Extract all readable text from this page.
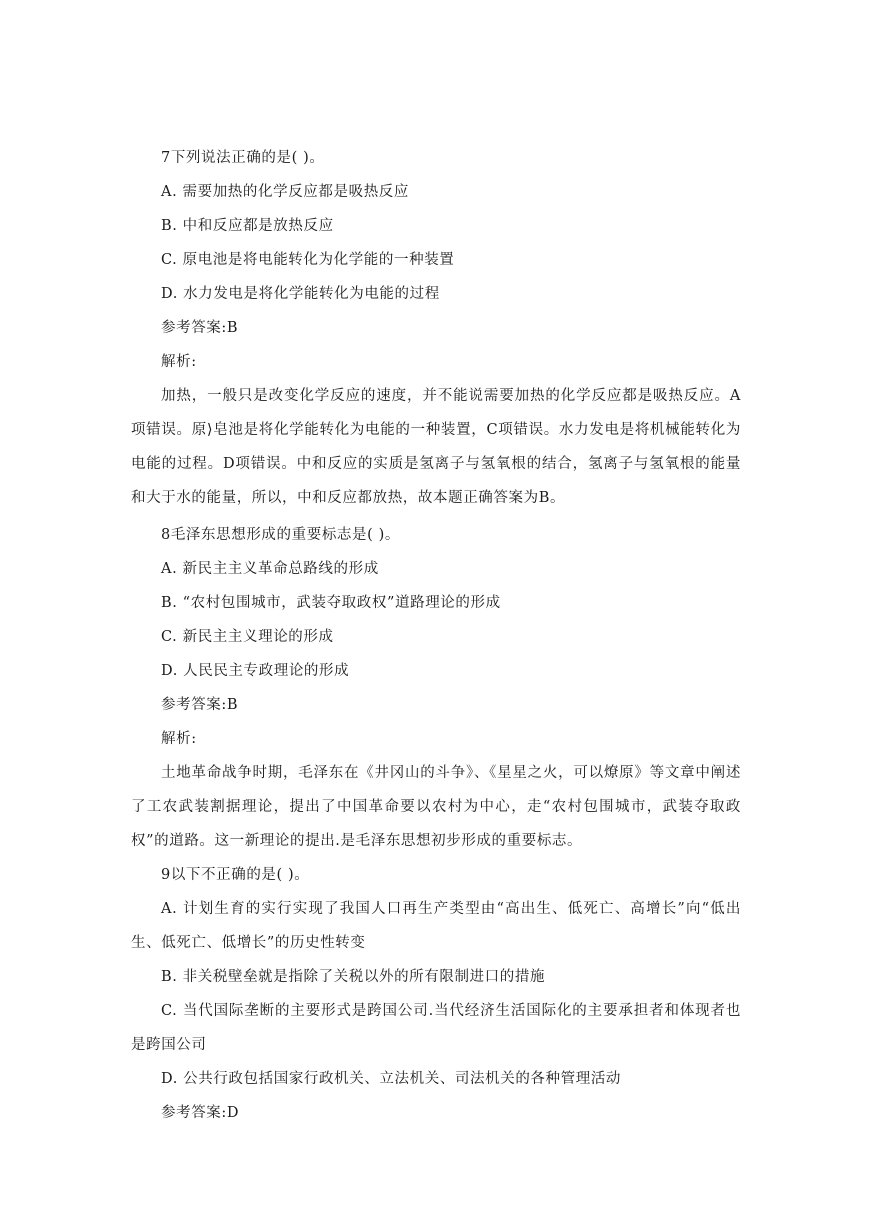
7下列说法正确的是( )。
A. 需要加热的化学反应都是吸热反应
B. 中和反应都是放热反应
C. 原电池是将电能转化为化学能的一种装置
D. 水力发电是将化学能转化为电能的过程
参考答案:B
解析:
加热，一般只是改变化学反应的速度，并不能说需要加热的化学反应都是吸热反应。A项错误。原⟩皂池是将化学能转化为电能的一种装置，C项错误。水力发电是将机械能转化为电能的过程。D项错误。中和反应的实质是氢离子与氢氧根的结合，氢离子与氢氧根的能量和大于水的能量，所以，中和反应都放热，故本题正确答案为B。
8毛泽东思想形成的重要标志是( )。
A. 新民主主义革命总路线的形成
B. “农村包围城市，武装夺取政权”道路理论的形成
C. 新民主主义理论的形成
D. 人民民主专政理论的形成
参考答案:B
解析:
土地革命战争时期，毛泽东在《井冈山的斗争》、《星星之火，可以燎原》等文章中阐述了工农武装割据理论，提出了中国革命要以农村为中心，走“农村包围城市，武装夺取政权”的道路。这一新理论的提出.是毛泽东思想初步形成的重要标志。
9以下不正确的是( )。
A. 计划生育的实行实现了我国人口再生产类型由“高出生、低死亡、高增长”向“低出生、低死亡、低增长”的历史性转变
B. 非关税壁垒就是指除了关税以外的所有限制进口的措施
C. 当代国际垄断的主要形式是跨国公司.当代经济生活国际化的主要承担者和体现者也是跨国公司
D. 公共行政包括国家行政机关、立法机关、司法机关的各种管理活动
参考答案:D
